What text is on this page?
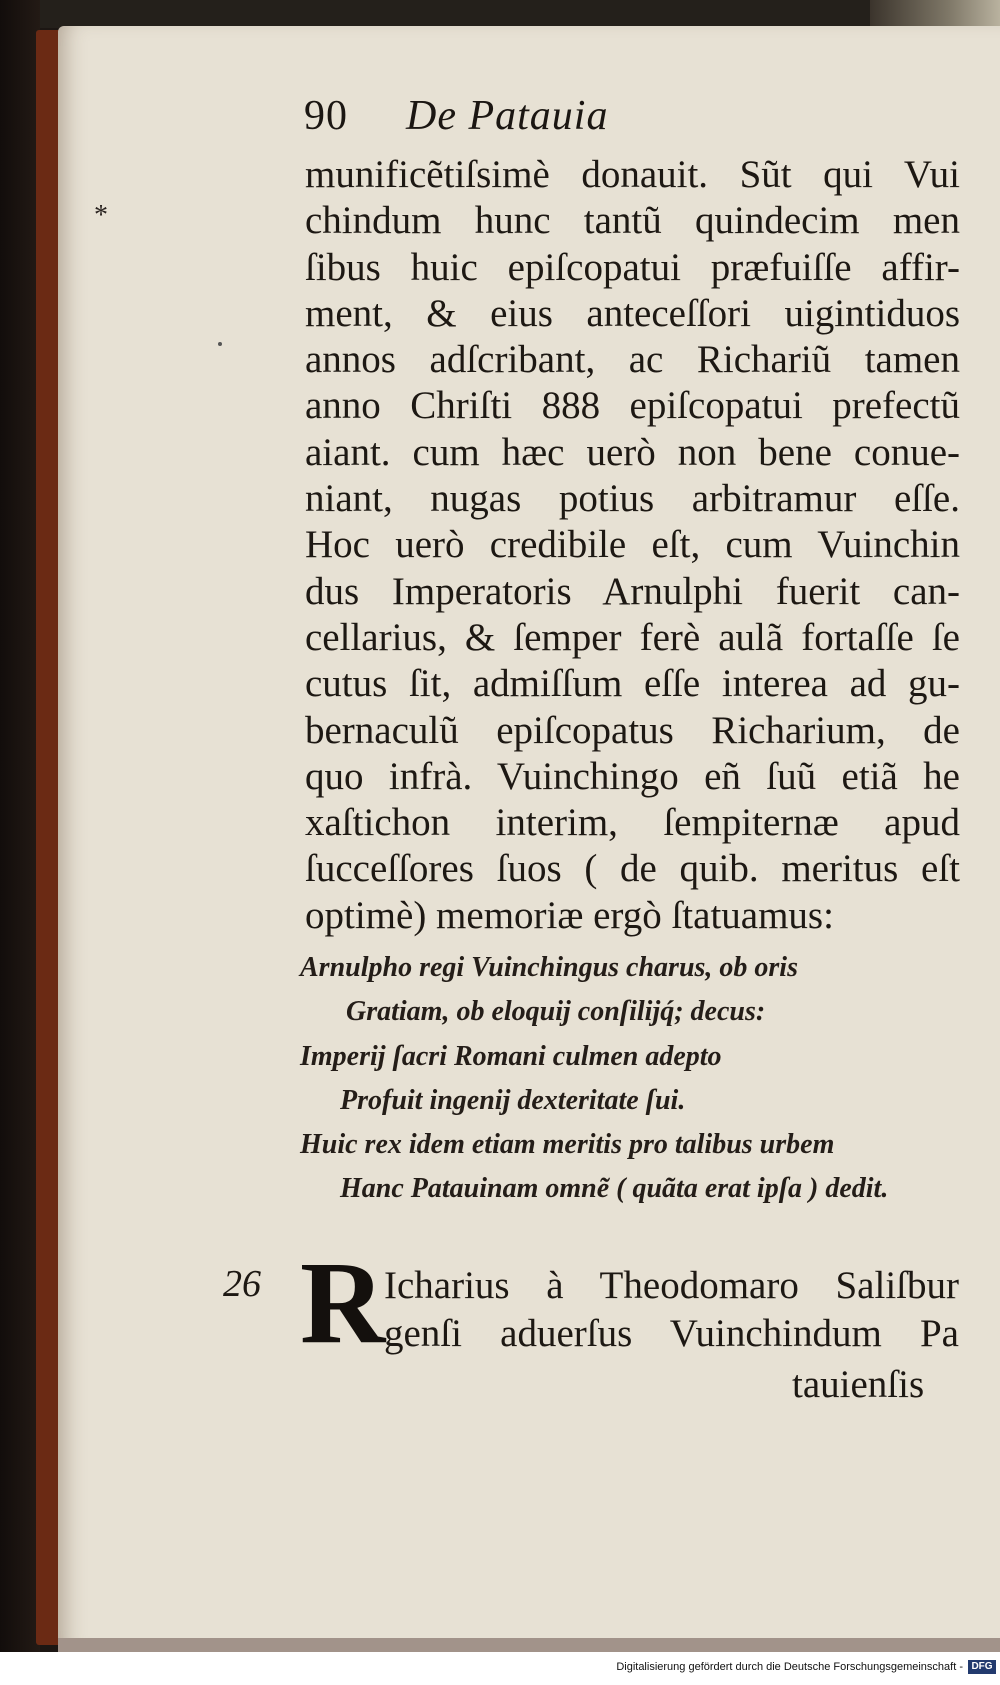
90 De Patauia
*
munificẽtiſsimè donauit. Sũt qui Vui
chindum hunc tantũ quindecim men
ſibus huic epiſcopatui præfuiſſe affir-
ment, & eius anteceſſori uigintiduos
annos adſcribant, ac Richariũ tamen
anno Chriſti 888 epiſcopatui prefectũ
aiant. cum hæc uerò non bene conue-
niant, nugas potius arbitramur eſſe.
Hoc uerò credibile eſt, cum Vuinchin
dus Imperatoris Arnulphi fuerit can-
cellarius, & ſemper ferè aulã fortaſſe ſe
cutus ſit, admiſſum eſſe interea ad gu-
bernaculũ epiſcopatus Richarium, de
quo infrà. Vuinchingo eñ ſuũ etiã he
xaſtichon interim, ſempiternæ apud
ſucceſſores ſuos ( de quib. meritus eſt
optimè) memoriæ ergò ſtatuamus:
Arnulpho regi Vuinchingus charus, ob oris
Gratiam, ob eloquij conſilijq́; decus:
Imperij ſacri Romani culmen adepto
Profuit ingenij dexteritate ſui.
Huic rex idem etiam meritis pro talibus urbem
Hanc Patauinam omnẽ ( quãta erat ipſa ) dedit.
26 R
Icharius à Theodomaro Saliſbur
genſi aduerſus Vuinchindum Pa
tauienſis
Digitalisierung gefördert durch die Deutsche Forschungsgemeinschaft - DFG
